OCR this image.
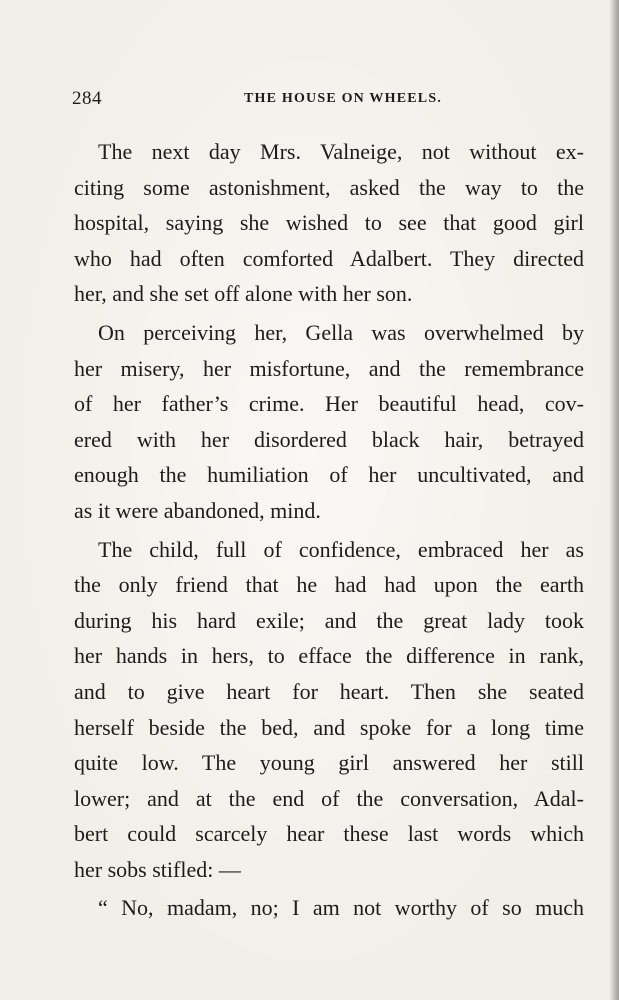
284	THE HOUSE ON WHEELS.
The next day Mrs. Valneige, not without ex-
citing some astonishment, asked the way to the
hospital, saying she wished to see that good girl
who had often comforted Adalbert. They directed
her, and she set off alone with her son.
On perceiving her, Gella was overwhelmed by
her misery, her misfortune, and the remembrance
of her father’s crime. Her beautiful head, cov-
ered with her disordered black hair, betrayed
enough the humiliation of her uncultivated, and
as it were abandoned, mind.
The child, full of confidence, embraced her as
the only friend that he had had upon the earth
during his hard exile; and the great lady took
her hands in hers, to efface the difference in rank,
and to give heart for heart. Then she seated
herself beside the bed, and spoke for a long time
quite low. The young girl answered her still
lower; and at the end of the conversation, Adal-
bert could scarcely hear these last words which
her sobs stifled: —
“ No, madam, no; I am not worthy of so much
